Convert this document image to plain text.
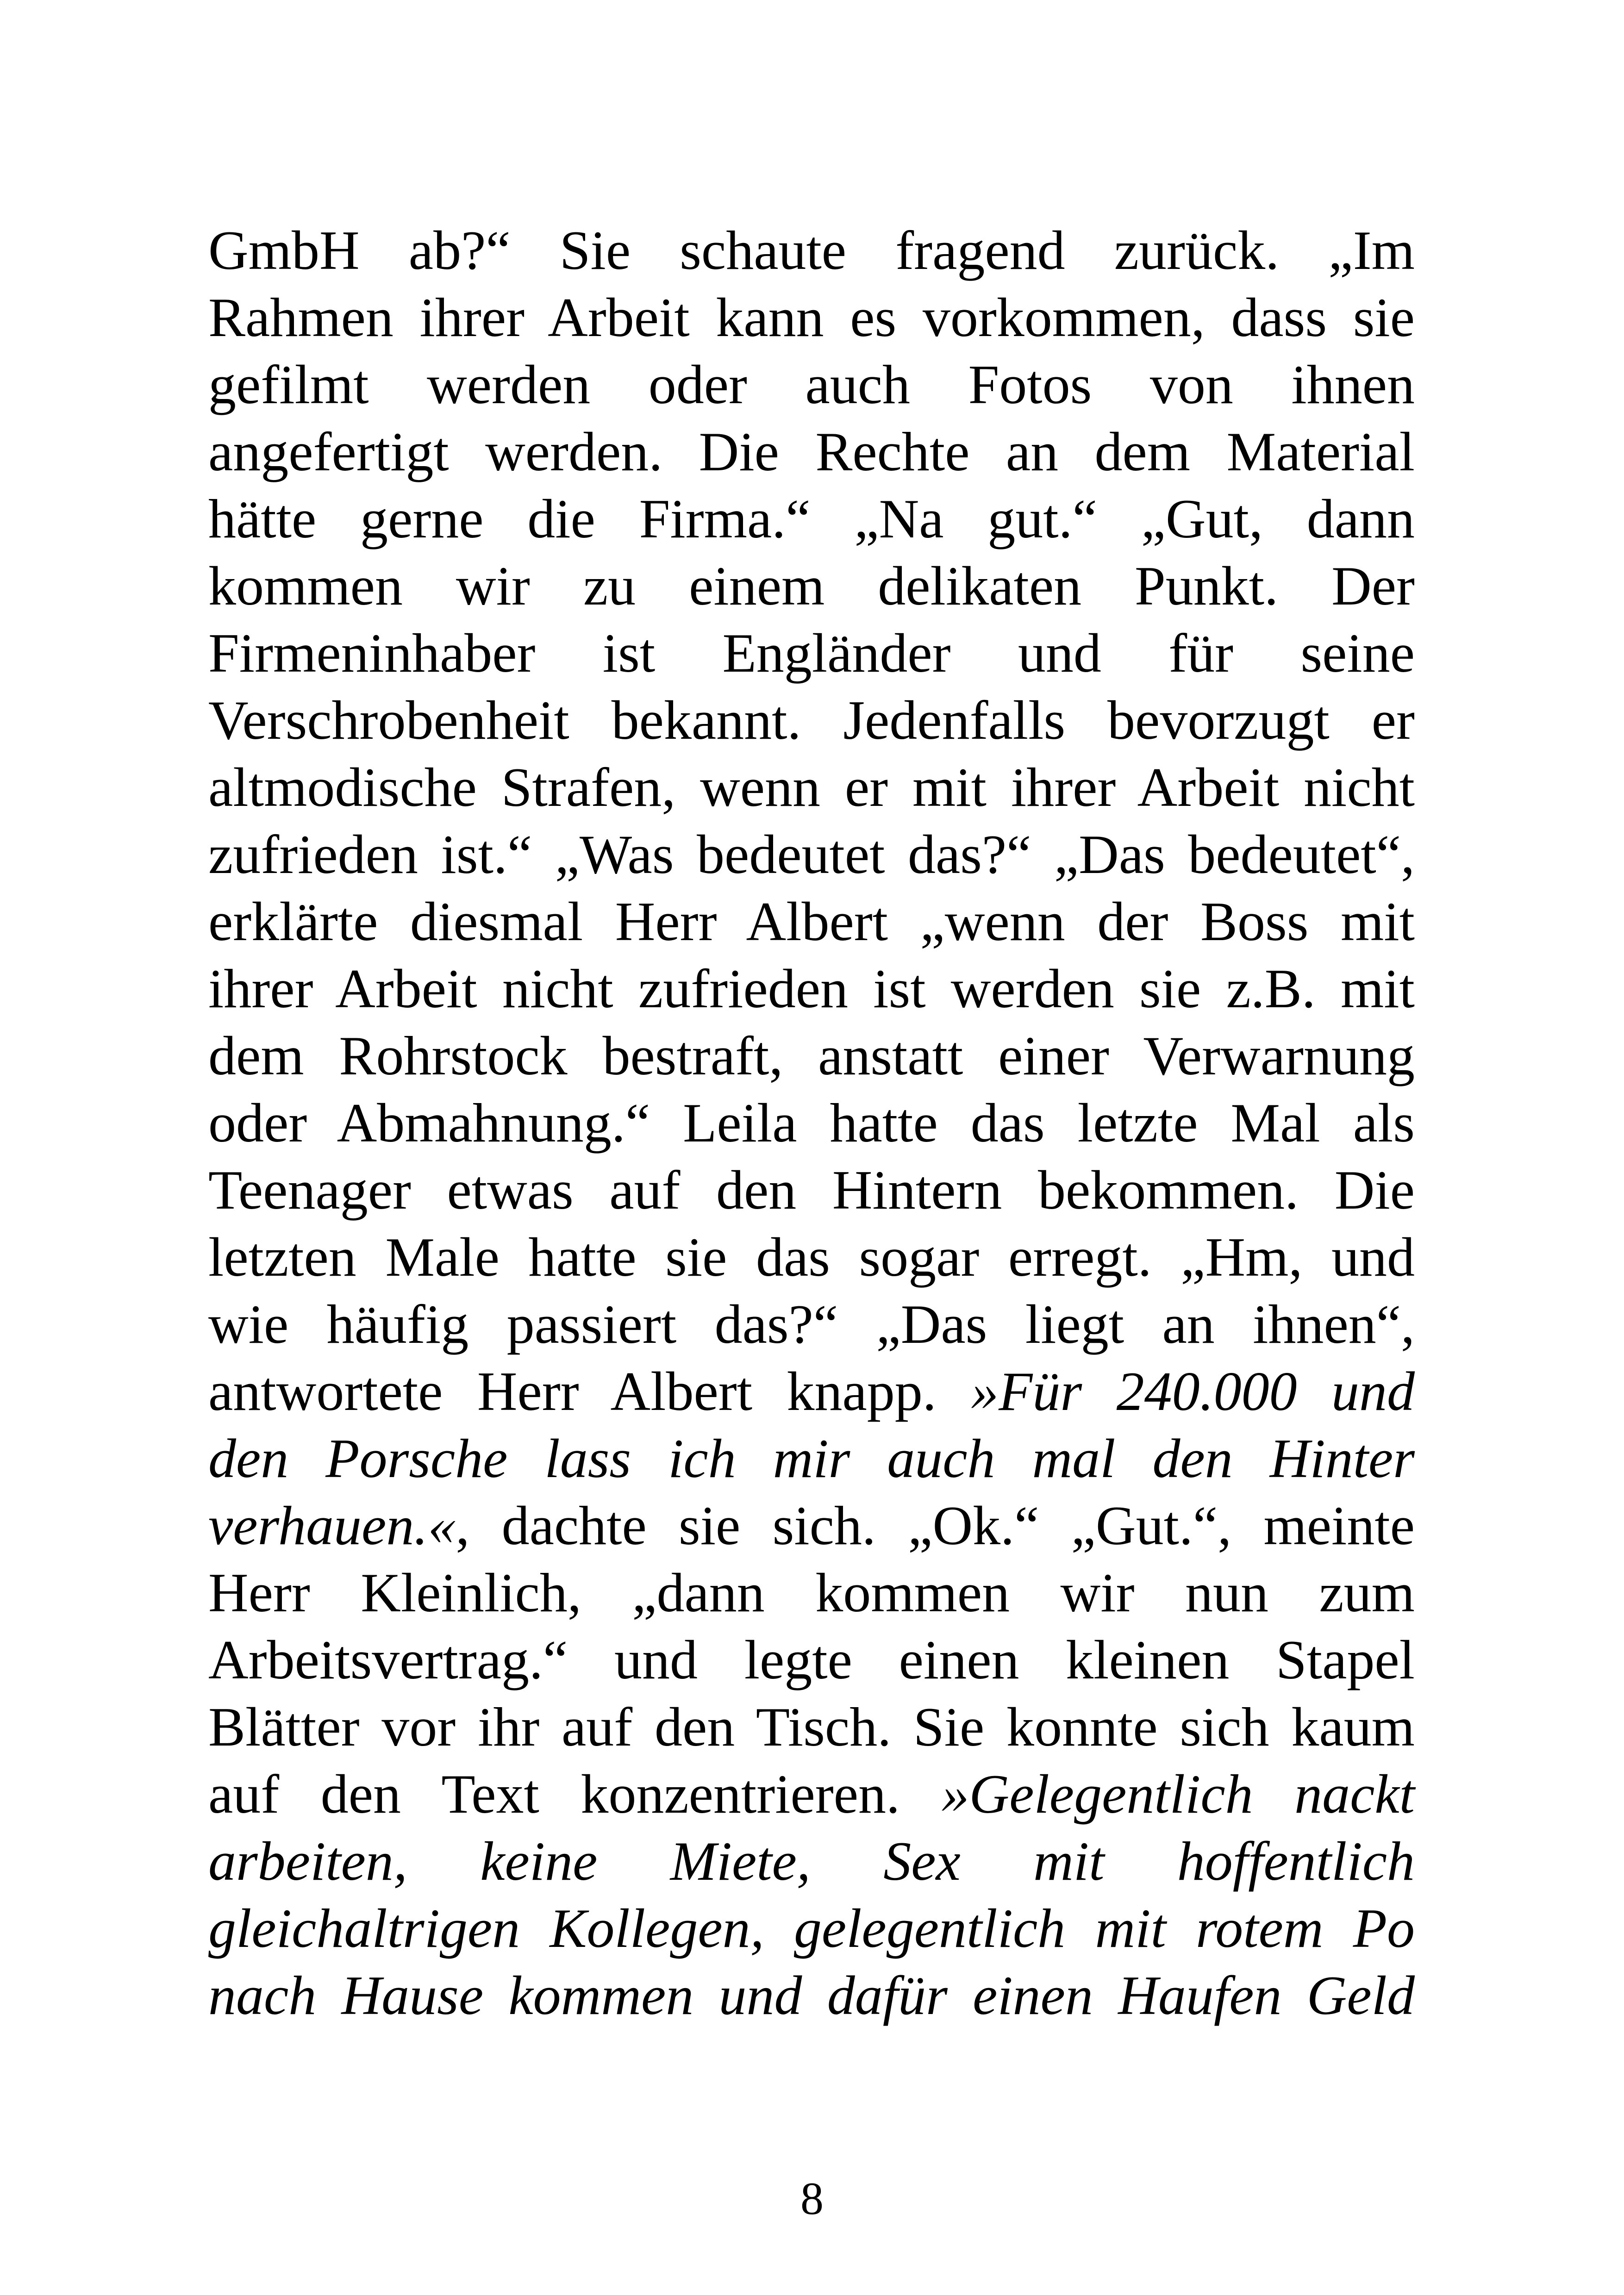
GmbH ab?“ Sie schaute fragend zurück. „Im
Rahmen ihrer Arbeit kann es vorkommen, dass sie
gefilmt werden oder auch Fotos von ihnen
angefertigt werden. Die Rechte an dem Material
hätte gerne die Firma.“ „Na gut.“ „Gut, dann
kommen wir zu einem delikaten Punkt. Der
Firmeninhaber ist Engländer und für seine
Verschrobenheit bekannt. Jedenfalls bevorzugt er
altmodische Strafen, wenn er mit ihrer Arbeit nicht
zufrieden ist.“ „Was bedeutet das?“ „Das bedeutet“,
erklärte diesmal Herr Albert „wenn der Boss mit
ihrer Arbeit nicht zufrieden ist werden sie z.B. mit
dem Rohrstock bestraft, anstatt einer Verwarnung
oder Abmahnung.“ Leila hatte das letzte Mal als
Teenager etwas auf den Hintern bekommen. Die
letzten Male hatte sie das sogar erregt. „Hm, und
wie häufig passiert das?“ „Das liegt an ihnen“,
antwortete Herr Albert knapp. »Für 240.000 und
den Porsche lass ich mir auch mal den Hinter
verhauen.«, dachte sie sich. „Ok.“ „Gut.“, meinte
Herr Kleinlich, „dann kommen wir nun zum
Arbeitsvertrag.“ und legte einen kleinen Stapel
Blätter vor ihr auf den Tisch. Sie konnte sich kaum
auf den Text konzentrieren. »Gelegentlich nackt
arbeiten, keine Miete, Sex mit hoffentlich
gleichaltrigen Kollegen, gelegentlich mit rotem Po
nach Hause kommen und dafür einen Haufen Geld
8
